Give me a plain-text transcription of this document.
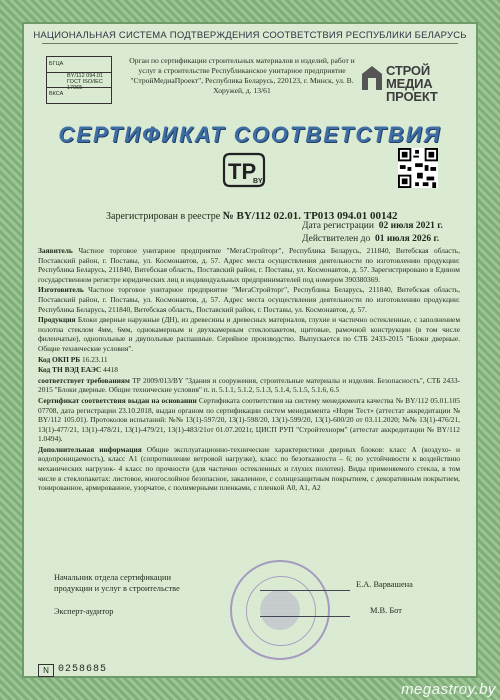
НАЦИОНАЛЬНАЯ СИСТЕМА ПОДТВЕРЖДЕНИЯ СООТВЕТСТВИЯ РЕСПУБЛИКИ БЕЛАРУСЬ
БГЦА
BY/112 094.01 ГОСТ ISO/IEC 17065
ВКСА
Орган по сертификации строительных материалов и изделий, работ и услуг в строительстве Республиканское унитарное предприятие "СтройМедиаПроект", Республика Беларусь, 220123, г. Минск, ул. В. Хоружей, д. 13/61
СТРОЙ
МЕДИА
ПРОЕКТ
СЕРТИФИКАТ СООТВЕТСТВИЯ
TP
BY
Зарегистрирован в реестре № BY/112 02.01. ТР013 094.01 00142
Дата регистрации 02 июля 2021 г.
Действителен до 01 июля 2026 г.

Заявитель Частное торговое унитарное предприятие "МегаСтройторг", Республика Беларусь, 211840, Витебская область, Поставский район, г. Поставы, ул. Космонавтов, д. 57. Адрес места осуществления деятельности по изготовлению продукции: Республика Беларусь, 211840, Витебская область, Поставский район, г. Поставы, ул. Космонавтов, д. 57. Зарегистрировано в Едином государственном регистре юридических лиц и индивидуальных предпринимателей под номером 390380369.

Изготовитель Частное торговое унитарное предприятие "МегаСтройторг", Республика Беларусь, 211840, Витебская область, Поставский район, г. Поставы, ул. Космонавтов, д. 57. Адрес места осуществления деятельности по изготовлению продукции: Республика Беларусь, 211840, Витебская область, Поставский район, г. Поставы, ул. Космонавтов, д. 57.

Продукция Блоки дверные наружные (ДН), из древесины и древесных материалов, глухие и частично остекленные, с заполнением полотна стеклом 4мм, 6мм, однокамерным и двухкамерным стеклопакетом, щитовые, рамочной конструкции (в том числе филенчатые), однопольные и двупольные распашные. Серийное производство. Выпускается по СТБ 2433-2015 "Блоки дверные. Общие технические условия".

Код ОКП РБ 16.23.11

Код ТН ВЭД ЕАЭС 4418

соответствует требованиям ТР 2009/013/BY "Здания и сооружения, строительные материалы и изделия. Безопасность", СТБ 2433-2015 "Блоки дверные. Общие технические условия" п. п. 5.1.1, 5.1.2, 5.1.3, 5.1.4, 5.1.5, 5.1.6, 6.5

Сертификат соответствия выдан на основании Сертификата соответствия на систему менеджмента качества № BY/112 05.01.105 07708, дата регистрации 23.10.2018, выдан органом по сертификации систем менеджмента «Норм Тест» (аттестат аккредитации № BY/112 105.01). Протоколов испытаний: №№ 13(1)-597/20, 13(1)-598/20, 13(1)-599/20, 13(1)-600/20 от 03.11.2020; №№ 13(1)-476/21, 13(1)-477/21, 13(1)-478/21, 13(1)-479/21, 13(1)-483/21от 01.07.2021г, ЦИСП РУП "Стройтехнорм" (аттестат аккредитации № BY/112 1.0494).

Дополнительная информация Общие эксплуатационно-технические характеристики дверных блоков: класс А (воздухо- и водопроницаемость), класс А1 (сопротивление ветровой нагрузке), класс по безотказности – 6; по устойчивости к воздействию механических нагрузок- 4 класс по прочности (для частично остекленных и глухих полотен). Виды применяемого стекла, в том числе в стеклопакетах: листовое, многослойное безопасное, закаленное, с солнцезащитным покрытием, с декоративным покрытием, тонированное, армированное, узорчатое, с полимерными пленками, с пленкой А0, А1, А2

Начальник отдела сертификации
продукции и услуг в строительстве	Е.А. Варвашена
Эксперт-аудитор	М.В. Бот
N 0258685
megastroy.by
